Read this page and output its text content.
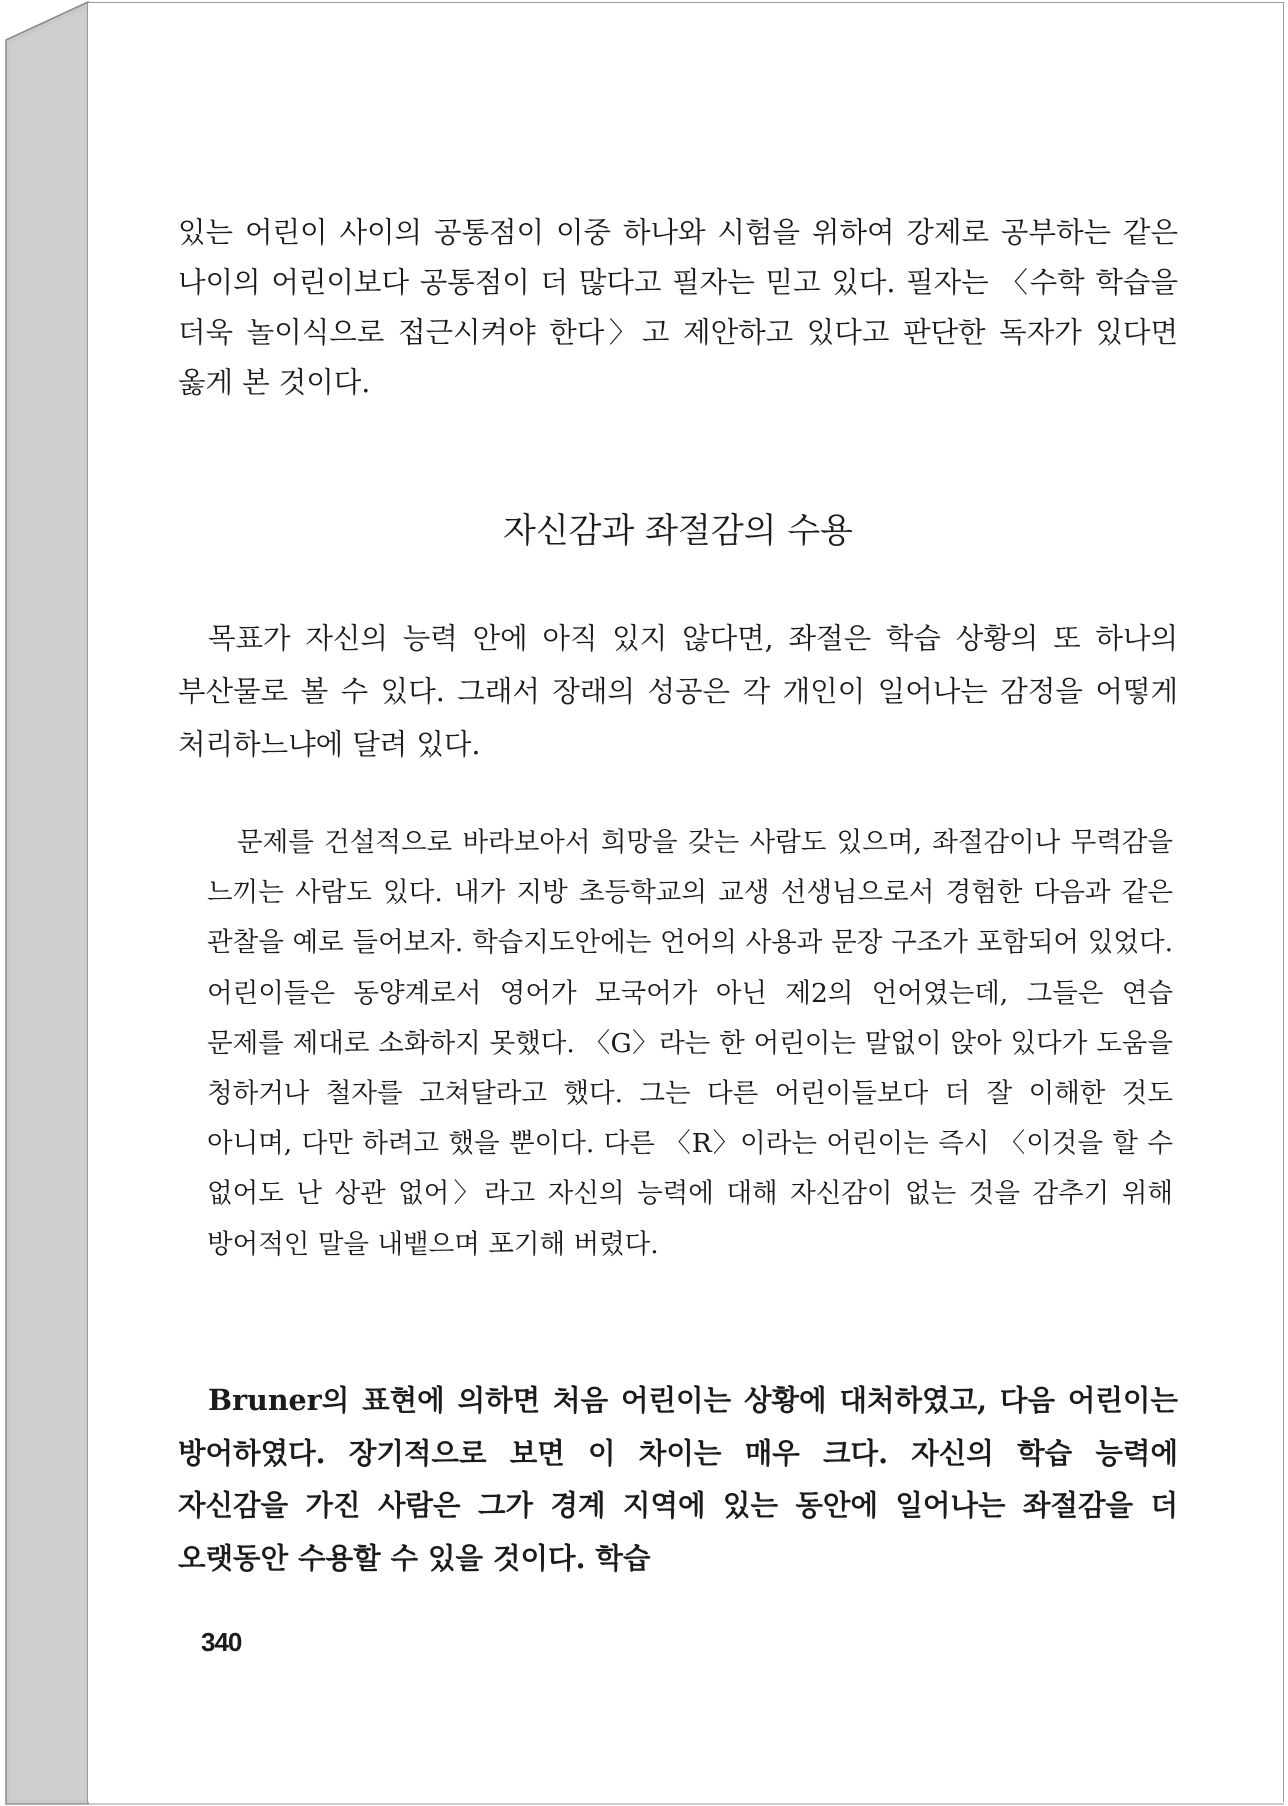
있는 어린이 사이의 공통점이 이중 하나와 시험을 위하여 강제로 공부하는 같은 나이의 어린이보다 공통점이 더 많다고 필자는 믿고 있다. 필자는 〈수학 학습을 더욱 놀이식으로 접근시켜야 한다〉고 제안하고 있다고 판단한 독자가 있다면 옳게 본 것이다.

자신감과 좌절감의 수용

목표가 자신의 능력 안에 아직 있지 않다면, 좌절은 학습 상황의 또 하나의 부산물로 볼 수 있다. 그래서 장래의 성공은 각 개인이 일어나는 감정을 어떻게 처리하느냐에 달려 있다.

문제를 건설적으로 바라보아서 희망을 갖는 사람도 있으며, 좌절감이나 무력감을 느끼는 사람도 있다. 내가 지방 초등학교의 교생 선생님으로서 경험한 다음과 같은 관찰을 예로 들어보자. 학습지도안에는 언어의 사용과 문장 구조가 포함되어 있었다. 어린이들은 동양계로서 영어가 모국어가 아닌 제2의 언어였는데, 그들은 연습 문제를 제대로 소화하지 못했다. 〈G〉라는 한 어린이는 말없이 앉아 있다가 도움을 청하거나 철자를 고쳐달라고 했다. 그는 다른 어린이들보다 더 잘 이해한 것도 아니며, 다만 하려고 했을 뿐이다. 다른 〈R〉이라는 어린이는 즉시 〈이것을 할 수 없어도 난 상관 없어〉라고 자신의 능력에 대해 자신감이 없는 것을 감추기 위해 방어적인 말을 내뱉으며 포기해 버렸다.

Bruner의 표현에 의하면 처음 어린이는 상황에 대처하였고, 다음 어린이는 방어하였다. 장기적으로 보면 이 차이는 매우 크다. 자신의 학습 능력에 자신감을 가진 사람은 그가 경계 지역에 있는 동안에 일어나는 좌절감을 더 오랫동안 수용할 수 있을 것이다. 학습

340
